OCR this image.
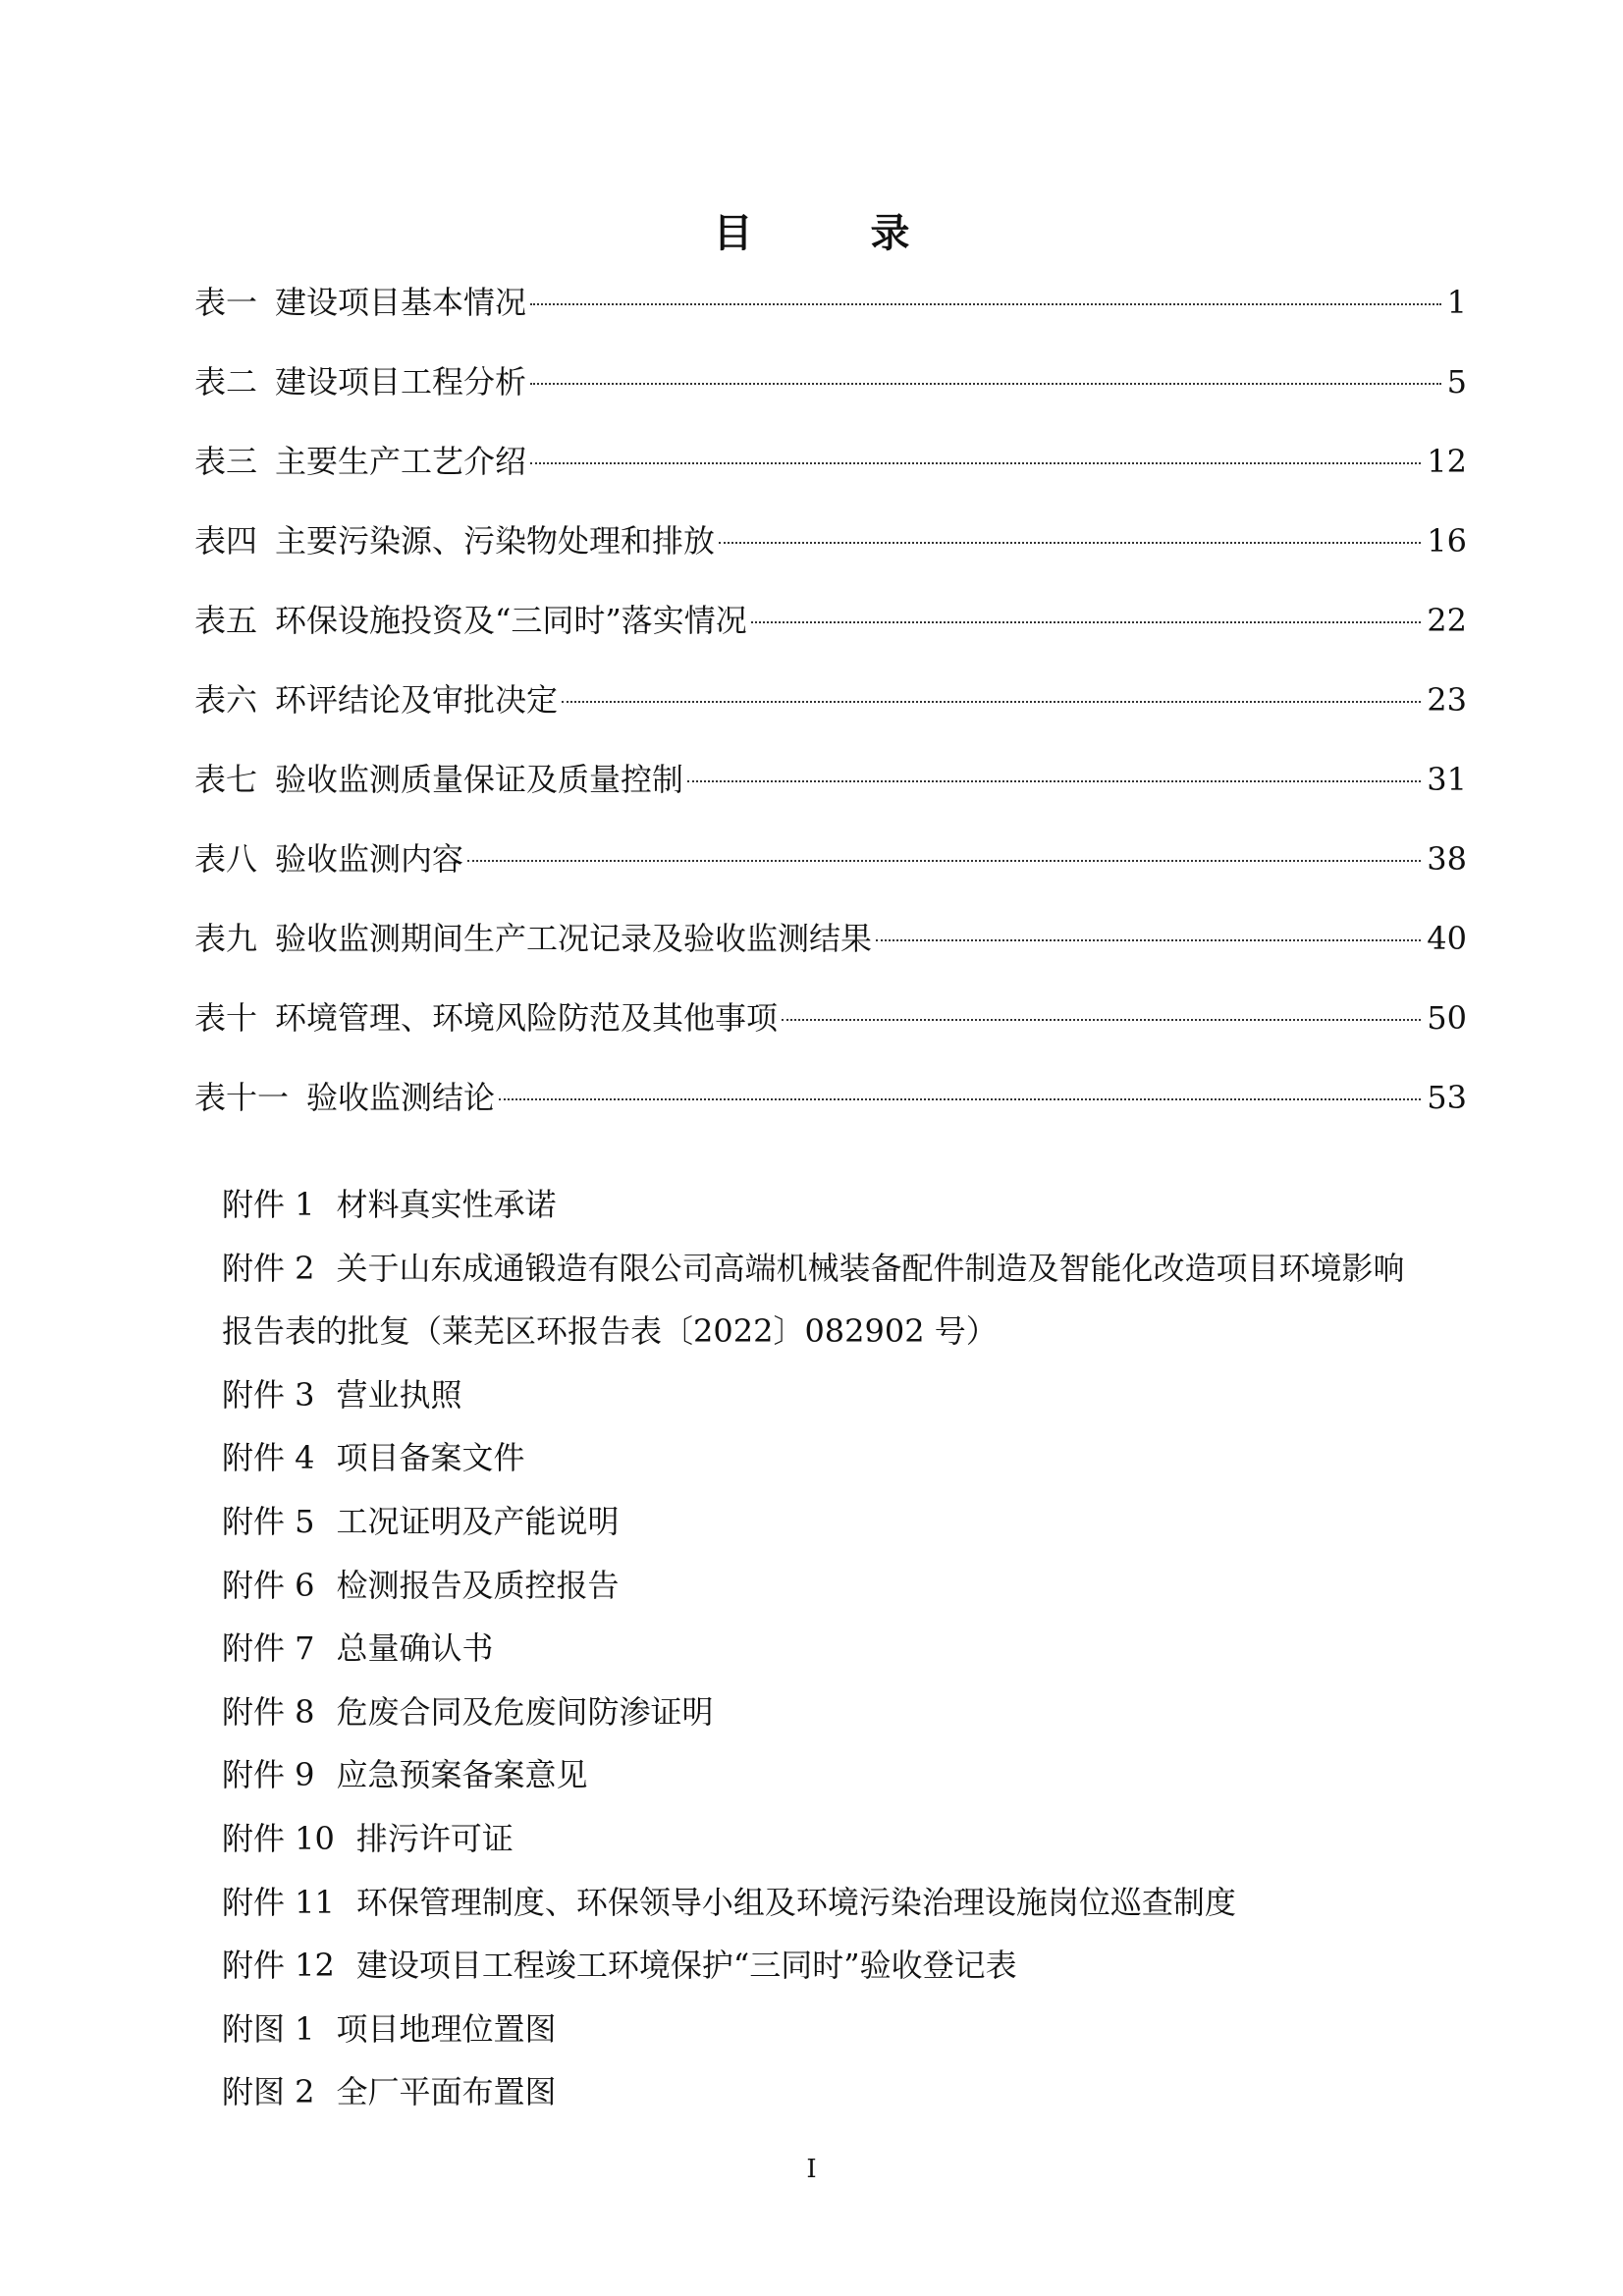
目　录
表一 建设项目基本情况	1
表二 建设项目工程分析	5
表三 主要生产工艺介绍	12
表四 主要污染源、污染物处理和排放	16
表五 环保设施投资及“三同时”落实情况	22
表六 环评结论及审批决定	23
表七 验收监测质量保证及质量控制	31
表八 验收监测内容	38
表九 验收监测期间生产工况记录及验收监测结果	40
表十 环境管理、环境风险防范及其他事项	50
表十一 验收监测结论	53
附件 1 材料真实性承诺
附件 2 关于山东成通锻造有限公司高端机械装备配件制造及智能化改造项目环境影响
报告表的批复（莱芜区环报告表〔2022〕082902 号）
附件 3 营业执照
附件 4 项目备案文件
附件 5 工况证明及产能说明
附件 6 检测报告及质控报告
附件 7 总量确认书
附件 8 危废合同及危废间防渗证明
附件 9 应急预案备案意见
附件 10 排污许可证
附件 11 环保管理制度、环保领导小组及环境污染治理设施岗位巡查制度
附件 12 建设项目工程竣工环境保护“三同时”验收登记表
附图 1 项目地理位置图
附图 2 全厂平面布置图
I
